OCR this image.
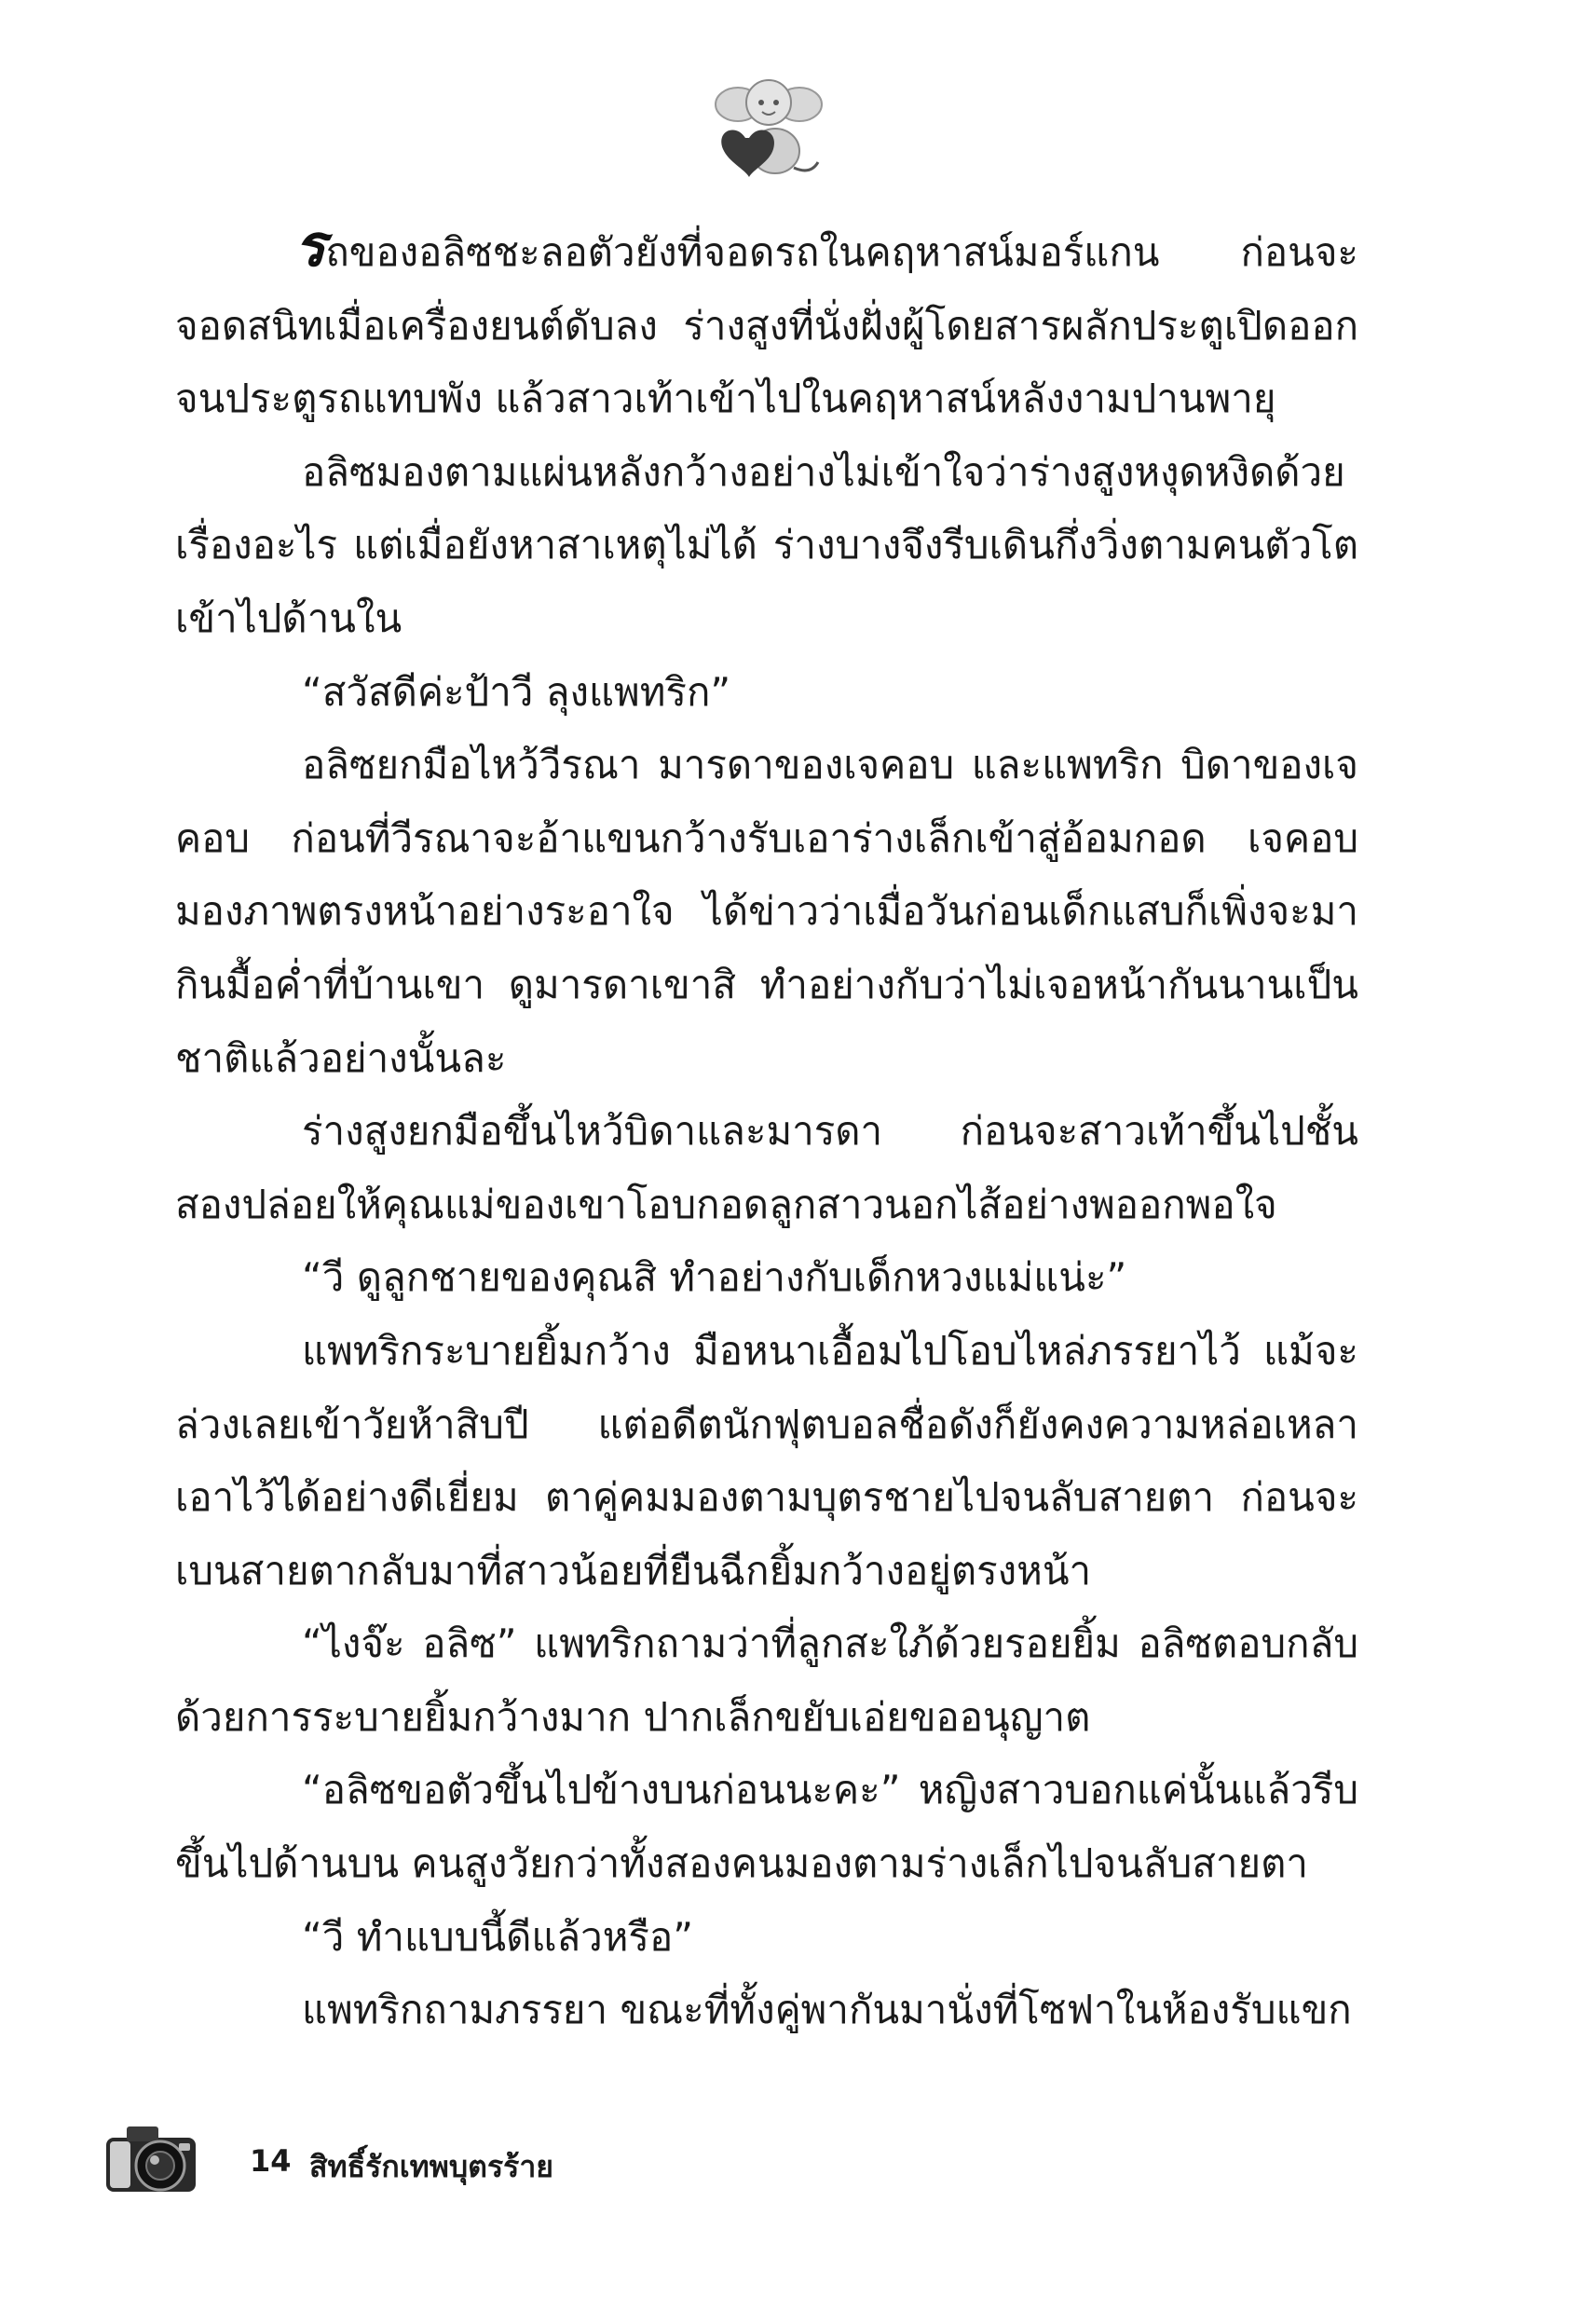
รถของอลิซชะลอตัวยังที่จอดรถในคฤหาสน์มอร์แกน ก่อนจะจอดสนิทเมื่อเครื่องยนต์ดับลง ร่างสูงที่นั่งฝั่งผู้โดยสารผลักประตูเปิดออกจนประตูรถแทบพัง แล้วสาวเท้าเข้าไปในคฤหาสน์หลังงามปานพายุ

อลิซมองตามแผ่นหลังกว้างอย่างไม่เข้าใจว่าร่างสูงหงุดหงิดด้วยเรื่องอะไร แต่เมื่อยังหาสาเหตุไม่ได้ ร่างบางจึงรีบเดินกึ่งวิ่งตามคนตัวโตเข้าไปด้านใน

“สวัสดีค่ะป้าวี ลุงแพทริก”

อลิซยกมือไหว้วีรณา มารดาของเจคอบ และแพทริก บิดาของเจคอบ ก่อนที่วีรณาจะอ้าแขนกว้างรับเอาร่างเล็กเข้าสู่อ้อมกอด เจคอบมองภาพตรงหน้าอย่างระอาใจ ได้ข่าวว่าเมื่อวันก่อนเด็กแสบก็เพิ่งจะมากินมื้อค่ำที่บ้านเขา ดูมารดาเขาสิ ทำอย่างกับว่าไม่เจอหน้ากันนานเป็นชาติแล้วอย่างนั้นละ

ร่างสูงยกมือขึ้นไหว้บิดาและมารดา ก่อนจะสาวเท้าขึ้นไปชั้นสองปล่อยให้คุณแม่ของเขาโอบกอดลูกสาวนอกไส้อย่างพออกพอใจ

“วี ดูลูกชายของคุณสิ ทำอย่างกับเด็กหวงแม่แน่ะ”

แพทริกระบายยิ้มกว้าง มือหนาเอื้อมไปโอบไหล่ภรรยาไว้ แม้จะล่วงเลยเข้าวัยห้าสิบปี แต่อดีตนักฟุตบอลชื่อดังก็ยังคงความหล่อเหลาเอาไว้ได้อย่างดีเยี่ยม ตาคู่คมมองตามบุตรชายไปจนลับสายตา ก่อนจะเบนสายตากลับมาที่สาวน้อยที่ยืนฉีกยิ้มกว้างอยู่ตรงหน้า

“ไงจ๊ะ อลิซ” แพทริกถามว่าที่ลูกสะใภ้ด้วยรอยยิ้ม อลิซตอบกลับด้วยการระบายยิ้มกว้างมาก ปากเล็กขยับเอ่ยขออนุญาต

“อลิซขอตัวขึ้นไปข้างบนก่อนนะคะ” หญิงสาวบอกแค่นั้นแล้วรีบขึ้นไปด้านบน คนสูงวัยกว่าทั้งสองคนมองตามร่างเล็กไปจนลับสายตา

“วี ทำแบบนี้ดีแล้วหรือ”

แพทริกถามภรรยา ขณะที่ทั้งคู่พากันมานั่งที่โซฟาในห้องรับแขก

14 สิทธิ์รักเทพบุตรร้าย
